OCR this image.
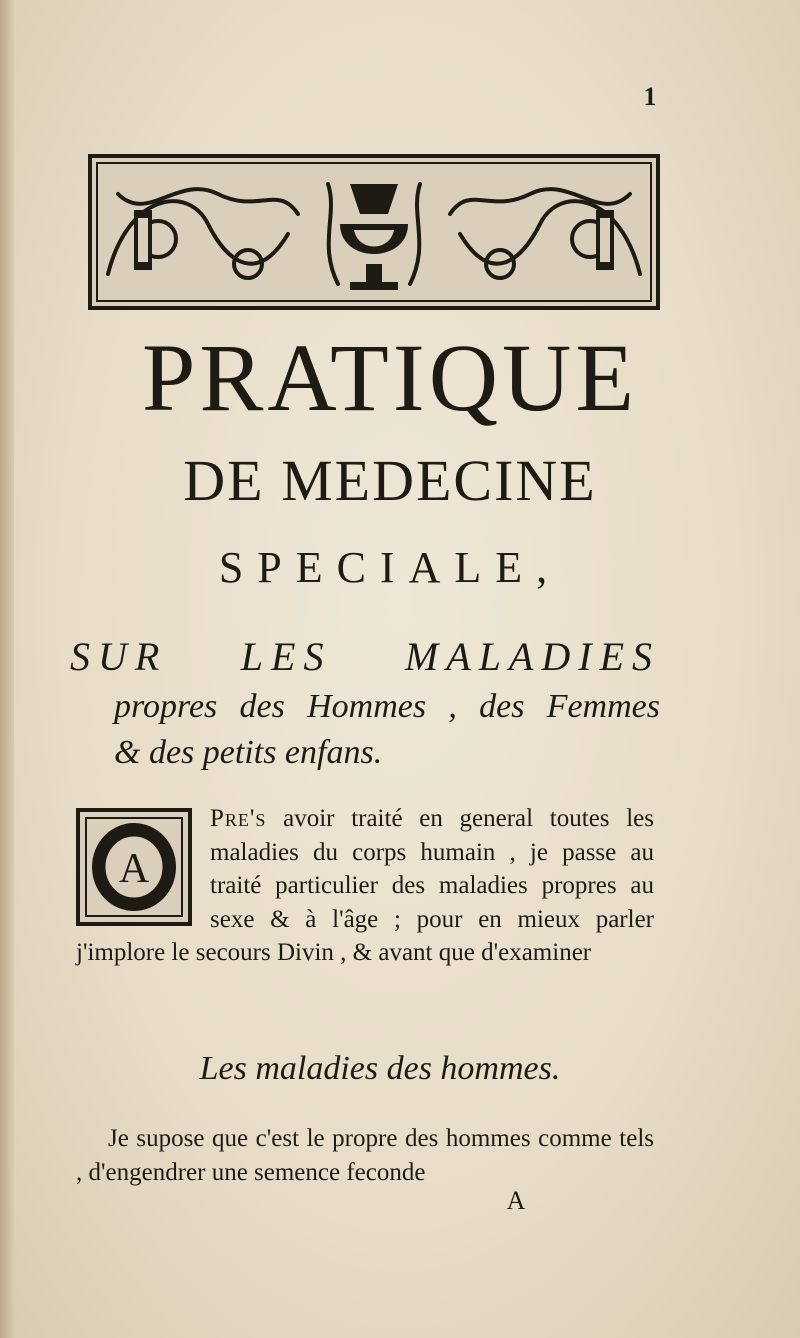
1
PRATIQUE
DE MEDECINE
SPECIALE,
SUR LES MALADIES
propres des Hommes , des Femmes
& des petits enfans.
Pre's avoir traité en general toutes les maladies du corps humain , je passe au traité particulier des maladies propres au sexe & à l'âge ; pour en mieux parler j'implore le secours Divin , & avant que d'examiner
A
Les maladies des hommes.
Je supose que c'est le propre des hommes comme tels , d'engendrer une semence feconde
A
